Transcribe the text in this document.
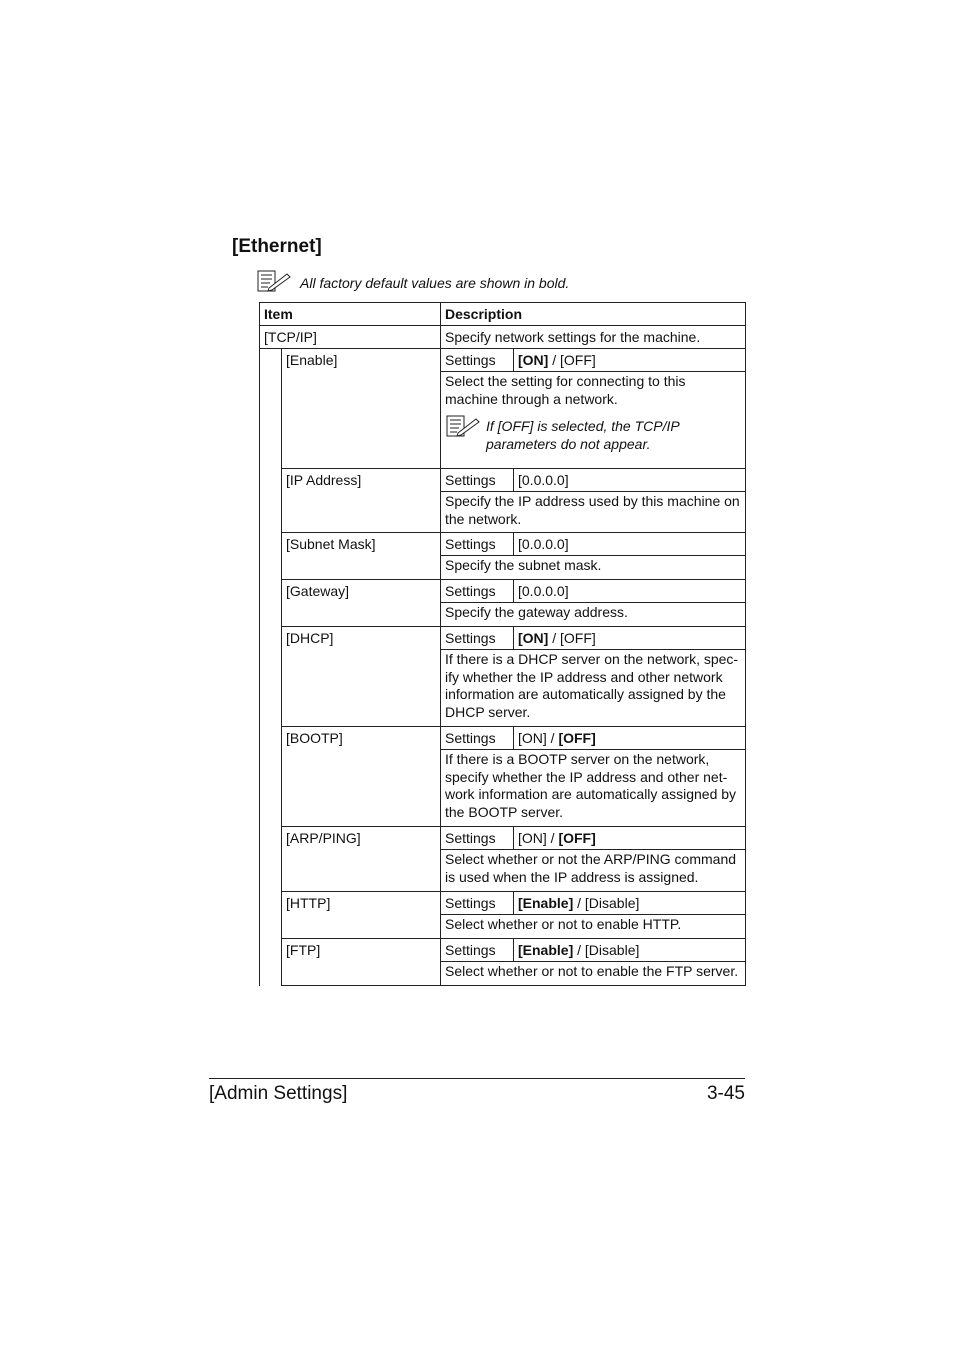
[Ethernet]
All factory default values are shown in bold.
Item		Description	
[TCP/IP]		Specify network settings for the machine.	
	[Enable]	Settings	[ON] / [OFF]

		Select the setting for connecting to this machine through a network.
If [OFF] is selected, the TCP/IP parameters do not appear.	

	[IP Address]	Settings	[0.0.0.0]

		Specify the IP address used by this machine on the network.	

	[Subnet Mask]	Settings	[0.0.0.0]

		Specify the subnet mask.	

	[Gateway]	Settings	[0.0.0.0]

		Specify the gateway address.	

	[DHCP]	Settings	[ON] / [OFF]

		If there is a DHCP server on the network, spec-ify whether the IP address and other network information are automatically assigned by the DHCP server.	

	[BOOTP]	Settings	[ON] / [OFF]

		If there is a BOOTP server on the network, specify whether the IP address and other net-work information are automatically assigned by the BOOTP server.	

	[ARP/PING]	Settings	[ON] / [OFF]

		Select whether or not the ARP/PING command is used when the IP address is assigned.	

	[HTTP]	Settings	[Enable] / [Disable]

		Select whether or not to enable HTTP.	

	[FTP]	Settings	[Enable] / [Disable]

		Select whether or not to enable the FTP server.	
[Admin Settings]	3-45
